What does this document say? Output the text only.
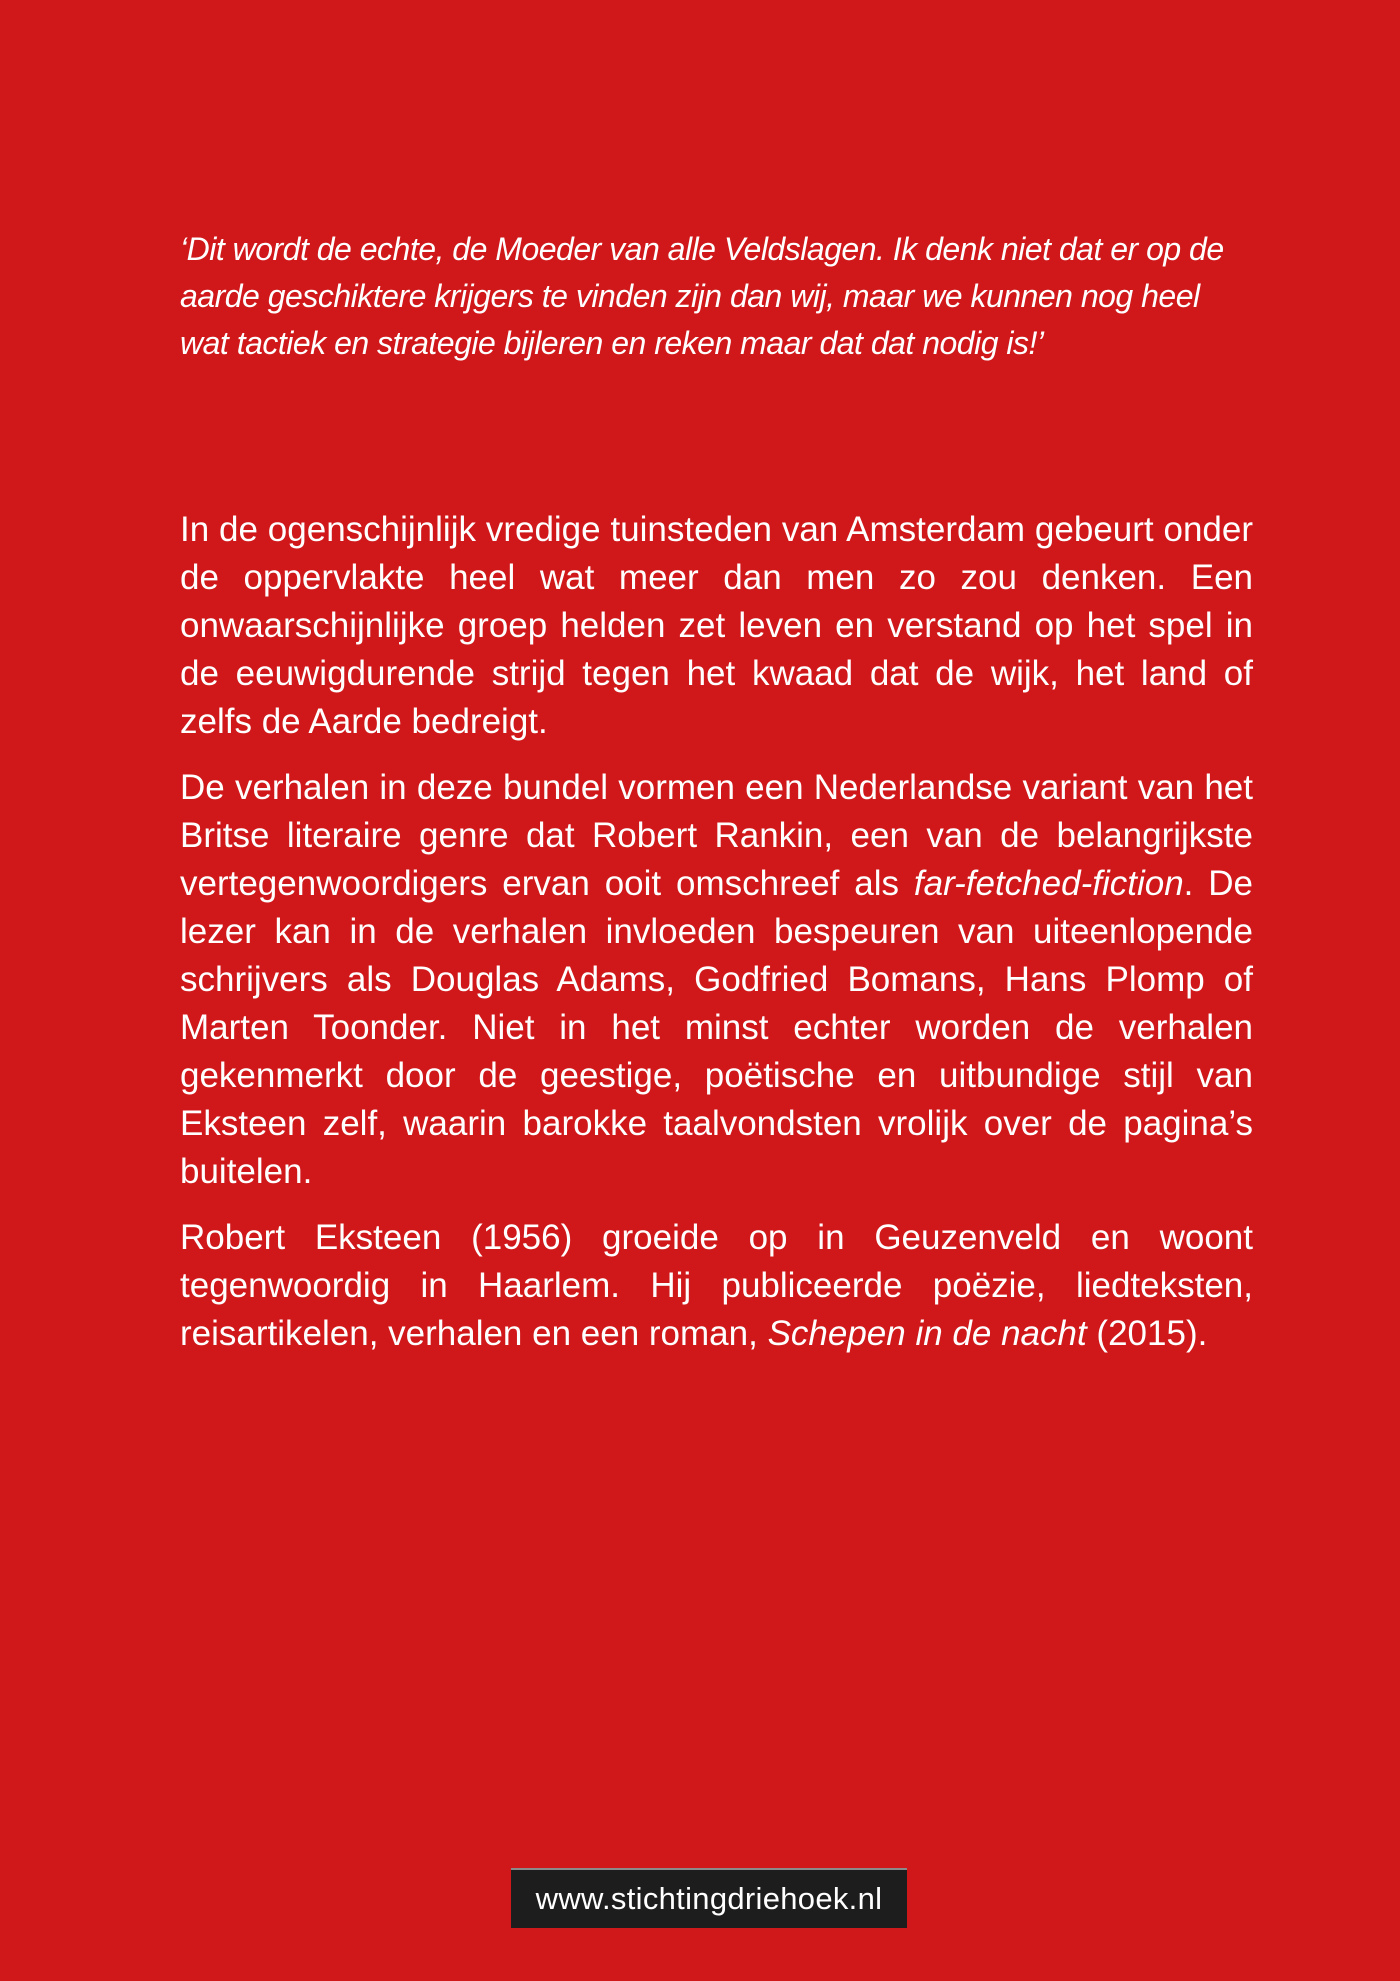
‘Dit wordt de echte, de Moeder van alle Veldslagen. Ik denk niet dat er op de aarde geschiktere krijgers te vinden zijn dan wij, maar we kunnen nog heel wat tactiek en strategie bijleren en reken maar dat dat nodig is!’

In de ogenschijnlijk vredige tuinsteden van Amsterdam gebeurt onder de oppervlakte heel wat meer dan men zo zou denken. Een onwaarschijnlijke groep helden zet leven en verstand op het spel in de eeuwigdurende strijd tegen het kwaad dat de wijk, het land of zelfs de Aarde bedreigt.

De verhalen in deze bundel vormen een Nederlandse variant van het Britse literaire genre dat Robert Rankin, een van de belangrijkste vertegenwoordigers ervan ooit omschreef als far-fetched-fiction. De lezer kan in de verhalen invloeden bespeuren van uiteenlopende schrijvers als Douglas Adams, Godfried Bomans, Hans Plomp of Marten Toonder. Niet in het minst echter worden de verhalen gekenmerkt door de geestige, poëtische en uitbundige stijl van Eksteen zelf, waarin barokke taalvondsten vrolijk over de pagina’s buitelen.

Robert Eksteen (1956) groeide op in Geuzenveld en woont tegenwoordig in Haarlem. Hij publiceerde poëzie, liedteksten, reisartikelen, verhalen en een roman, Schepen in de nacht (2015).

www.stichtingdriehoek.nl
